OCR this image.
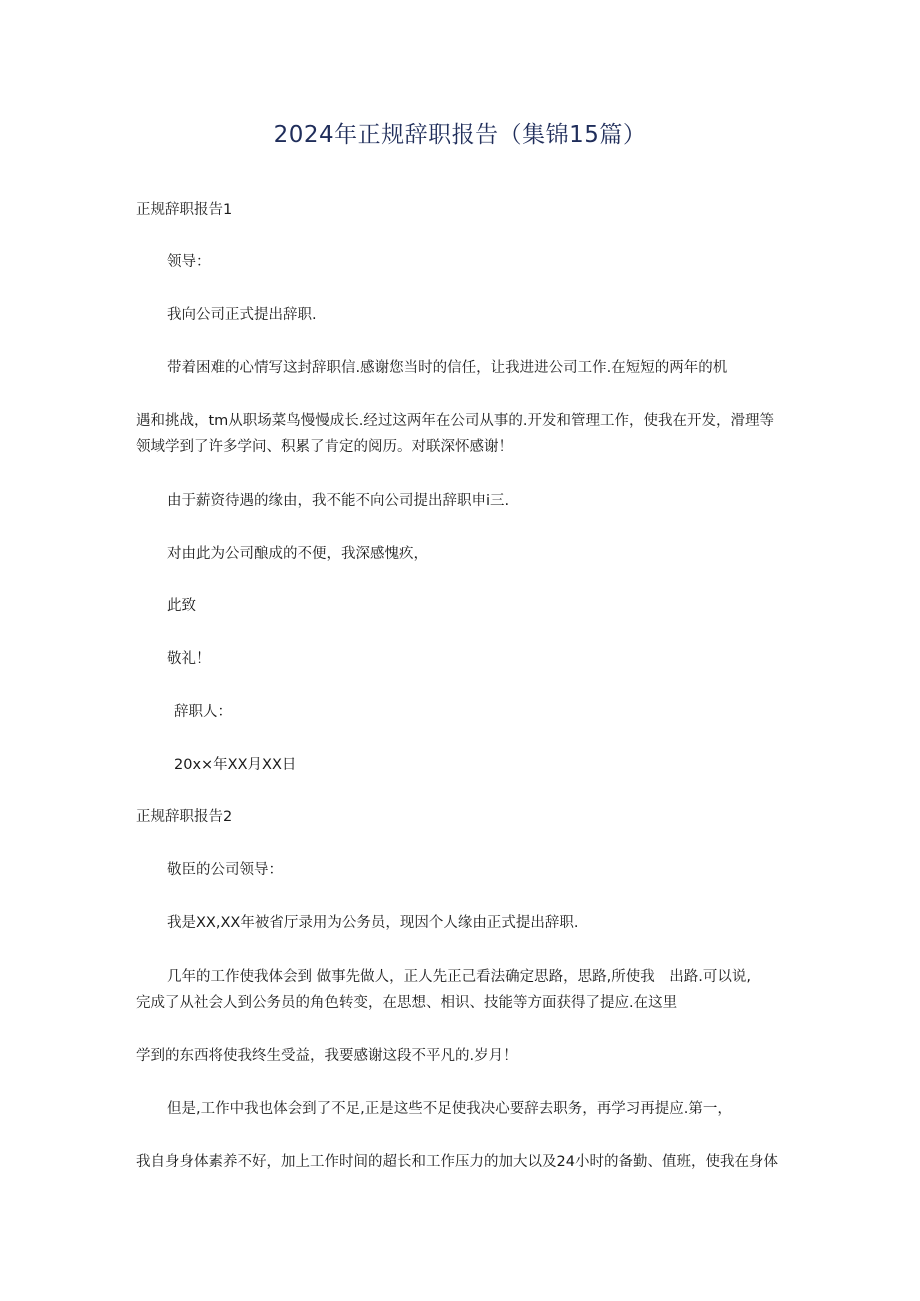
2024年正规辞职报告（集锦15篇）
正规辞职报告1
领导：
我向公司正式提出辞职.
带着困难的心情写这封辞职信.感谢您当时的信任，让我进进公司工作.在短短的两年的机
遇和挑战，tm从职场菜鸟慢慢成长.经过这两年在公司从事的.开发和管理工作，使我在开发，滑理等
领域学到了许多学问、积累了肯定的阅历。对联深怀感谢！
由于薪资待遇的缘由，我不能不向公司提出辞职申i三.
对由此为公司酿成的不便，我深感愧疚，
此致
敬礼！
辞职人：
20x×年XX月XX日
正规辞职报告2
敬臣的公司领导：
我是XX,XX年被省厅录用为公务员，现因个人缘由正式提出辞职.
几年的工作使我体会到 做事先做人，正人先正己看法确定思路，思路,所使我　出路.可以说,
完成了从社会人到公务员的角色转变，在思想、相识、技能等方面获得了提应.在这里
学到的东西将使我终生受益，我要感谢这段不平凡的.岁月！
但是,工作中我也体会到了不足,正是这些不足使我决心要辞去职务，再学习再提应.第一，
我自身身体素养不好，加上工作时间的超长和工作压力的加大以及24小时的备勤、值班，使我在身体
